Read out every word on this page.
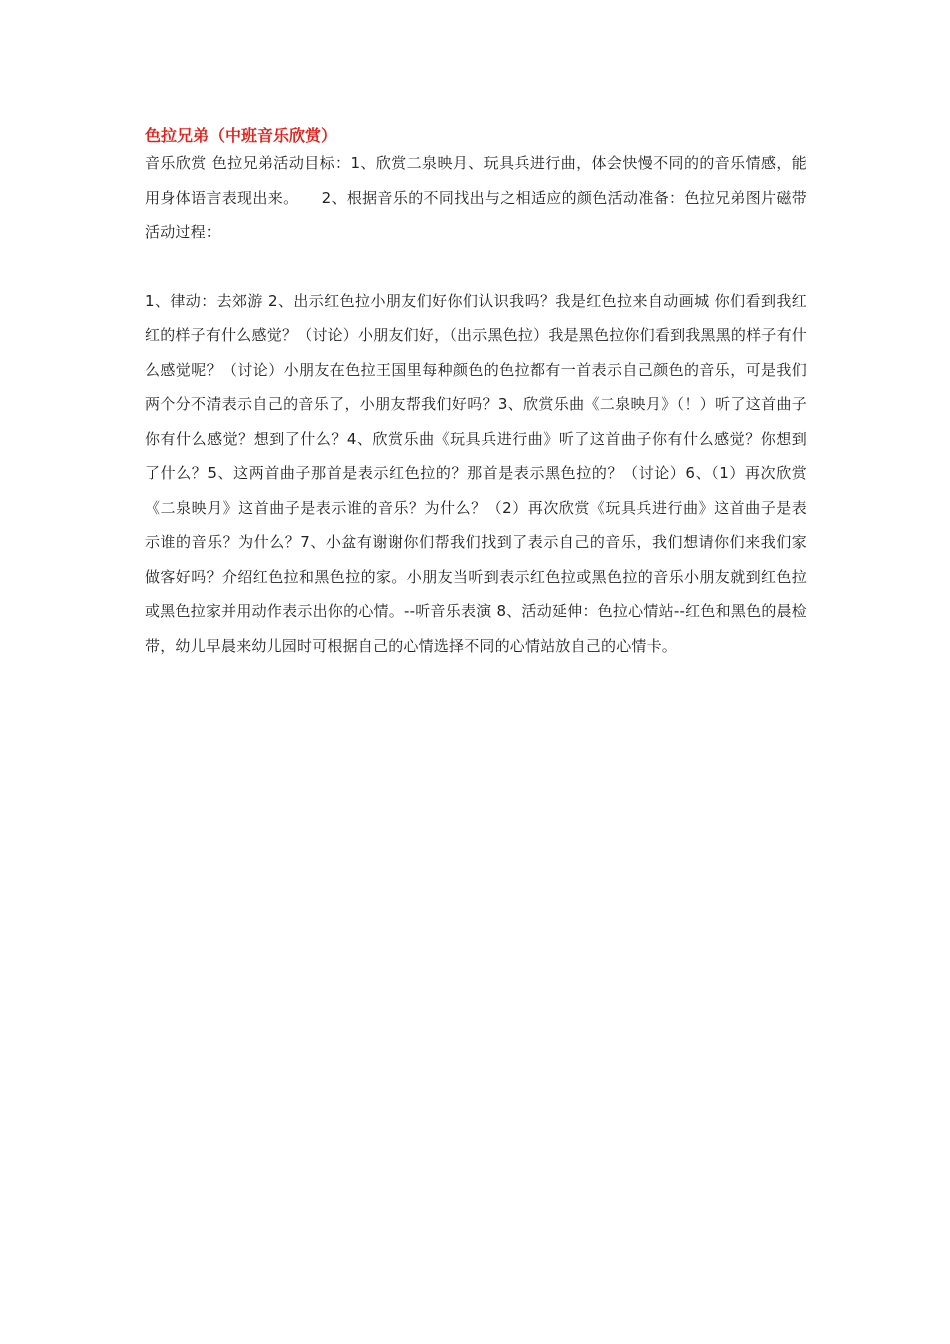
色拉兄弟（中班音乐欣赏）

音乐欣赏 色拉兄弟活动目标：1、欣赏二泉映月、玩具兵进行曲，体会快慢不同的的音乐情感，能用身体语言表现出来。　　2、根据音乐的不同找出与之相适应的颜色活动准备：色拉兄弟图片磁带活动过程：

1、律动：去郊游 2、出示红色拉小朋友们好你们认识我吗？我是红色拉来自动画城 你们看到我红红的样子有什么感觉？（讨论）小朋友们好，（出示黑色拉）我是黑色拉你们看到我黑黑的样子有什么感觉呢？（讨论）小朋友在色拉王国里每种颜色的色拉都有一首表示自己颜色的音乐，可是我们两个分不清表示自己的音乐了，小朋友帮我们好吗？3、欣赏乐曲《二泉映月》（！）听了这首曲子你有什么感觉？想到了什么？4、欣赏乐曲《玩具兵进行曲》听了这首曲子你有什么感觉？你想到了什么？5、这两首曲子那首是表示红色拉的？那首是表示黑色拉的？（讨论）6、（1）再次欣赏《二泉映月》这首曲子是表示谁的音乐？为什么？（2）再次欣赏《玩具兵进行曲》这首曲子是表示谁的音乐？为什么？7、小盆有谢谢你们帮我们找到了表示自己的音乐，我们想请你们来我们家做客好吗？介绍红色拉和黑色拉的家。小朋友当听到表示红色拉或黑色拉的音乐小朋友就到红色拉或黑色拉家并用动作表示出你的心情。--听音乐表演 8、活动延伸：色拉心情站--红色和黑色的晨检带，幼儿早晨来幼儿园时可根据自己的心情选择不同的心情站放自己的心情卡。
